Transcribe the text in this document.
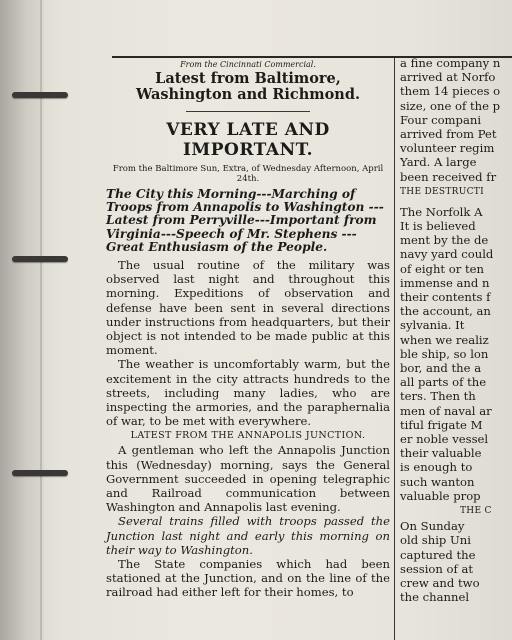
From the Cincinnati Commercial.

Latest from Baltimore, Washington and Richmond.

VERY LATE AND IMPORTANT.

From the Baltimore Sun, Extra, of Wednesday Afternoon, April 24th.

The City this Morning---Marching of Troops from Annapolis to Washington --- Latest from Perryville---Important from Virginia---Speech of Mr. Stephens ---Great Enthusiasm of the People.

The usual routine of the military was observed last night and throughout this morning. Expeditions of observation and defense have been sent in several directions under instructions from headquarters, but their object is not intended to be made public at this moment.

The weather is uncomfortably warm, but the excitement in the city attracts hundreds to the streets, including many ladies, who are inspecting the armories, and the paraphernalia of war, to be met with everywhere.

LATEST FROM THE ANNAPOLIS JUNCTION.

A gentleman who left the Annapolis Junction this (Wednesday) morning, says the General Government succeeded in opening telegraphic and Railroad communication between Washington and Annapolis last evening.

Several trains filled with troops passed the Junction last night and early this morning on their way to Washington.

The State companies which had been stationed at the Junction, and on the line of the railroad had either left for their homes, to

a fine company n

arrived at Norfo

them 14 pieces o

size, one of the p

Four compani

arrived from Pet

volunteer regim

Yard. A large

been received fr

THE DESTRUCTI

The Norfolk A

It is believed

ment by the de

navy yard could

of eight or ten

immense and n

their contents f

the account, an

sylvania. It

when we realiz

ble ship, so lon

bor, and the a

all parts of the

ters. Then th

men of naval ar

tiful frigate M

er noble vessel

their valuable

is enough to

such wanton

valuable prop

THE C

On Sunday

old ship Uni

captured the

session of at

crew and two

the channel
